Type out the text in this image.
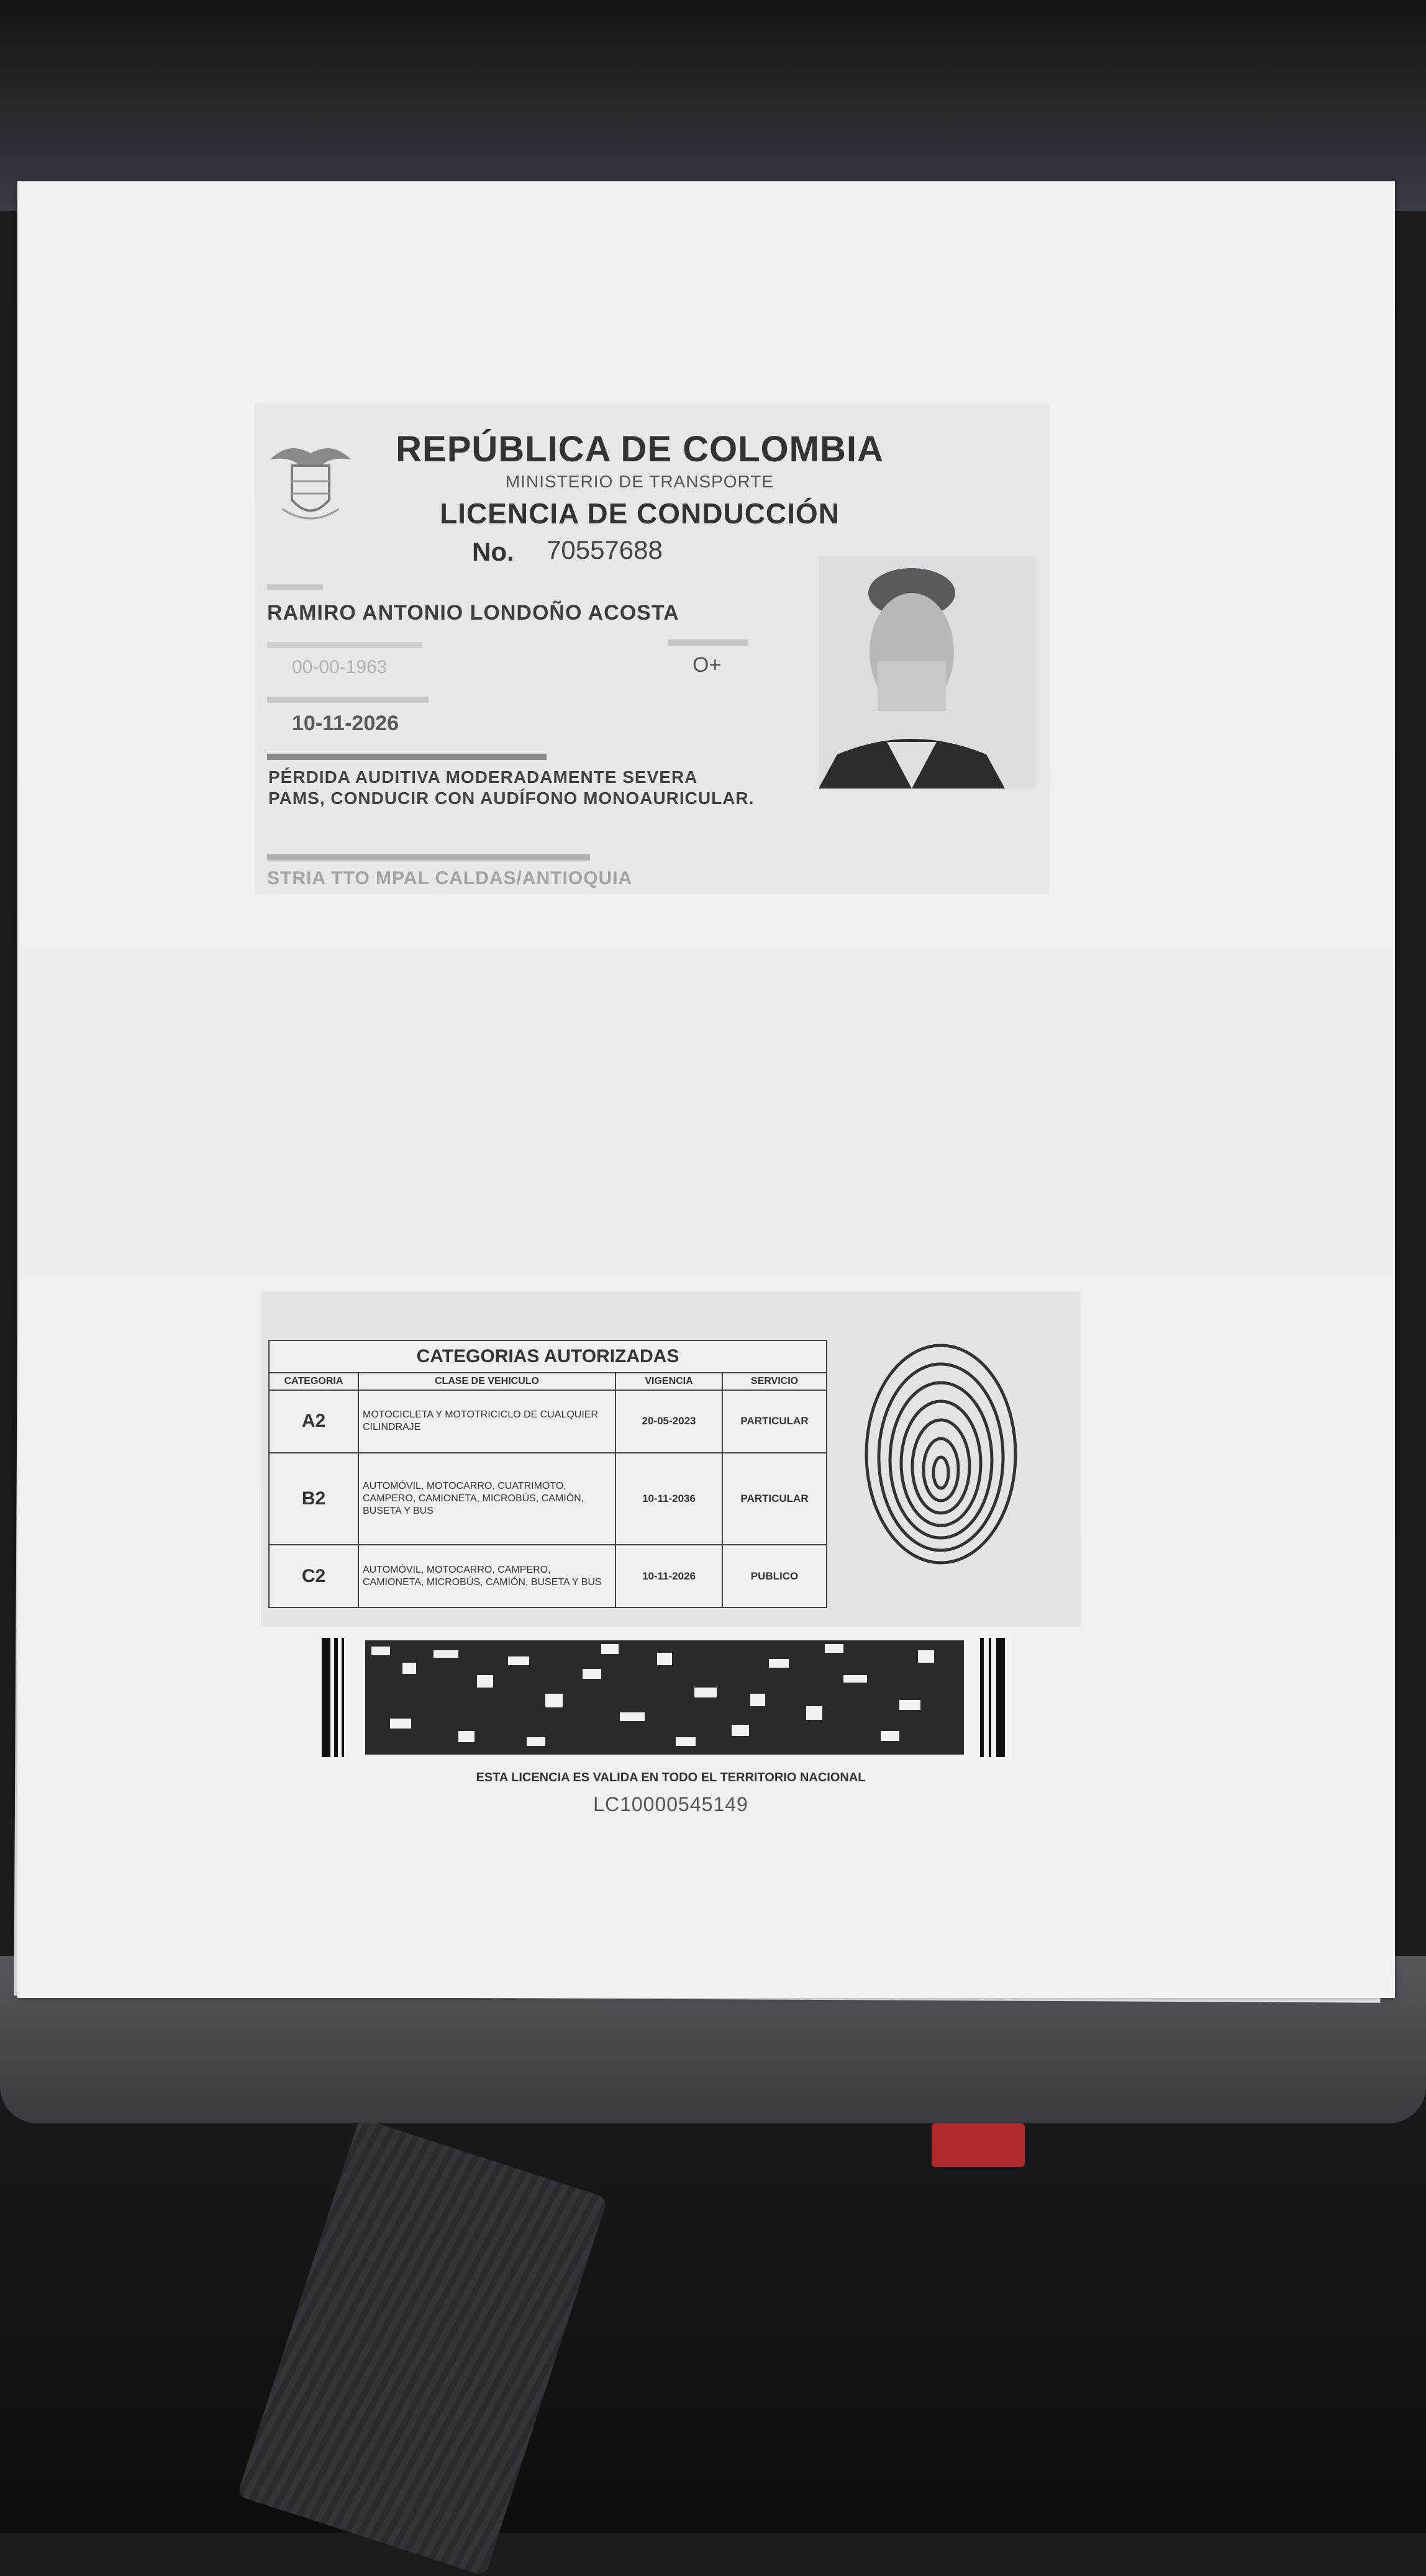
REPÚBLICA DE COLOMBIA
MINISTERIO DE TRANSPORTE
LICENCIA DE CONDUCCIÓN
No. 70557688
RAMIRO ANTONIO LONDOÑO ACOSTA
00-00-1963	O+
10-11-2026
PÉRDIDA AUDITIVA MODERADAMENTE SEVERA
PAMS, CONDUCIR CON AUDÍFONO MONOAURICULAR.
STRIA TTO MPAL CALDAS/ANTIOQUIA
CATEGORIAS AUTORIZADAS			
CATEGORIA	CLASE DE VEHICULO	VIGENCIA	SERVICIO
A2	MOTOCICLETA Y MOTOTRICICLO DE CUALQUIER CILINDRAJE	20-05-2023	PARTICULAR
B2	AUTOMÓVIL, MOTOCARRO, CUATRIMOTO, CAMPERO, CAMIONETA, MICROBÚS, CAMIÓN, BUSETA Y BUS	10-11-2036	PARTICULAR
C2	AUTOMÓVIL, MOTOCARRO, CAMPERO, CAMIONETA, MICROBÚS, CAMIÓN, BUSETA Y BUS	10-11-2026	PUBLICO
ESTA LICENCIA ES VALIDA EN TODO EL TERRITORIO NACIONAL
LC10000545149
